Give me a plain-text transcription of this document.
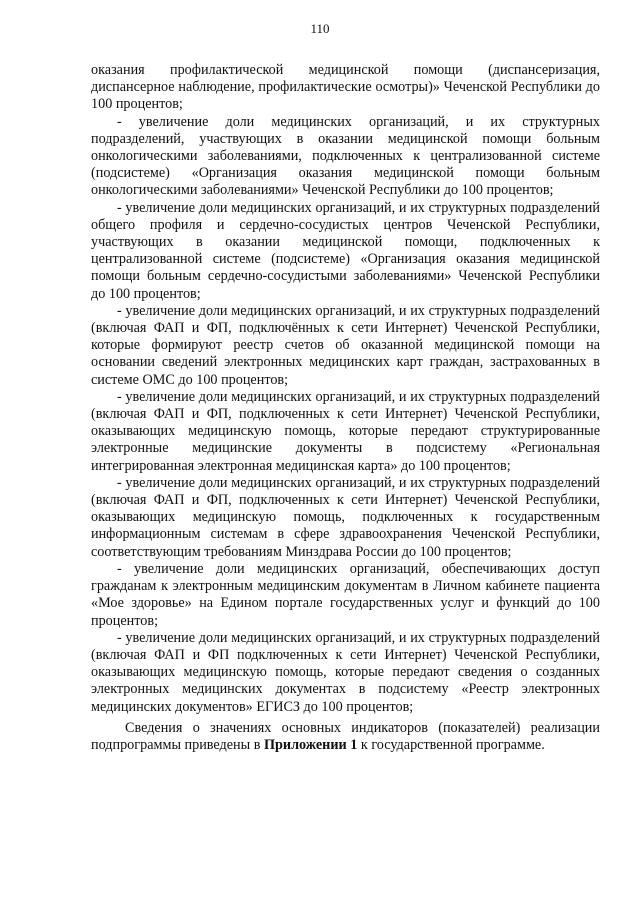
110

оказания профилактической медицинской помощи (диспансеризация, диспансерное наблюдение, профилактические осмотры)» Чеченской Республики до 100 процентов;

- увеличение доли медицинских организаций, и их структурных подразделений, участвующих в оказании медицинской помощи больным онкологическими заболеваниями, подключенных к централизованной системе (подсистеме) «Организация оказания медицинской помощи больным онкологическими заболеваниями» Чеченской Республики до 100 процентов;

- увеличение доли медицинских организаций, и их структурных подразделений общего профиля и сердечно-сосудистых центров Чеченской Республики, участвующих в оказании медицинской помощи, подключенных к централизованной системе (подсистеме) «Организация оказания медицинской помощи больным сердечно-сосудистыми заболеваниями» Чеченской Республики до 100 процентов;

- увеличение доли медицинских организаций, и их структурных подразделений (включая ФАП и ФП, подключённых к сети Интернет) Чеченской Республики, которые формируют реестр счетов об оказанной медицинской помощи на основании сведений электронных медицинских карт граждан, застрахованных в системе ОМС до 100 процентов;

- увеличение доли медицинских организаций, и их структурных подразделений (включая ФАП и ФП, подключенных к сети Интернет) Чеченской Республики, оказывающих медицинскую помощь, которые передают структурированные электронные медицинские документы в подсистему «Региональная интегрированная электронная медицинская карта» до 100 процентов;

- увеличение доли медицинских организаций, и их структурных подразделений (включая ФАП и ФП, подключенных к сети Интернет) Чеченской Республики, оказывающих медицинскую помощь, подключенных к государственным информационным системам в сфере здравоохранения Чеченской Республики, соответствующим требованиям Минздрава России до 100 процентов;

- увеличение доли медицинских организаций, обеспечивающих доступ гражданам к электронным медицинским документам в Личном кабинете пациента «Мое здоровье» на Едином портале государственных услуг и функций до 100 процентов;

- увеличение доли медицинских организаций, и их структурных подразделений (включая ФАП и ФП подключенных к сети Интернет) Чеченской Республики, оказывающих медицинскую помощь, которые передают сведения о созданных электронных медицинских документах в подсистему «Реестр электронных медицинских документов» ЕГИСЗ до 100 процентов;

Сведения о значениях основных индикаторов (показателей) реализации подпрограммы приведены в Приложении 1 к государственной программе.
